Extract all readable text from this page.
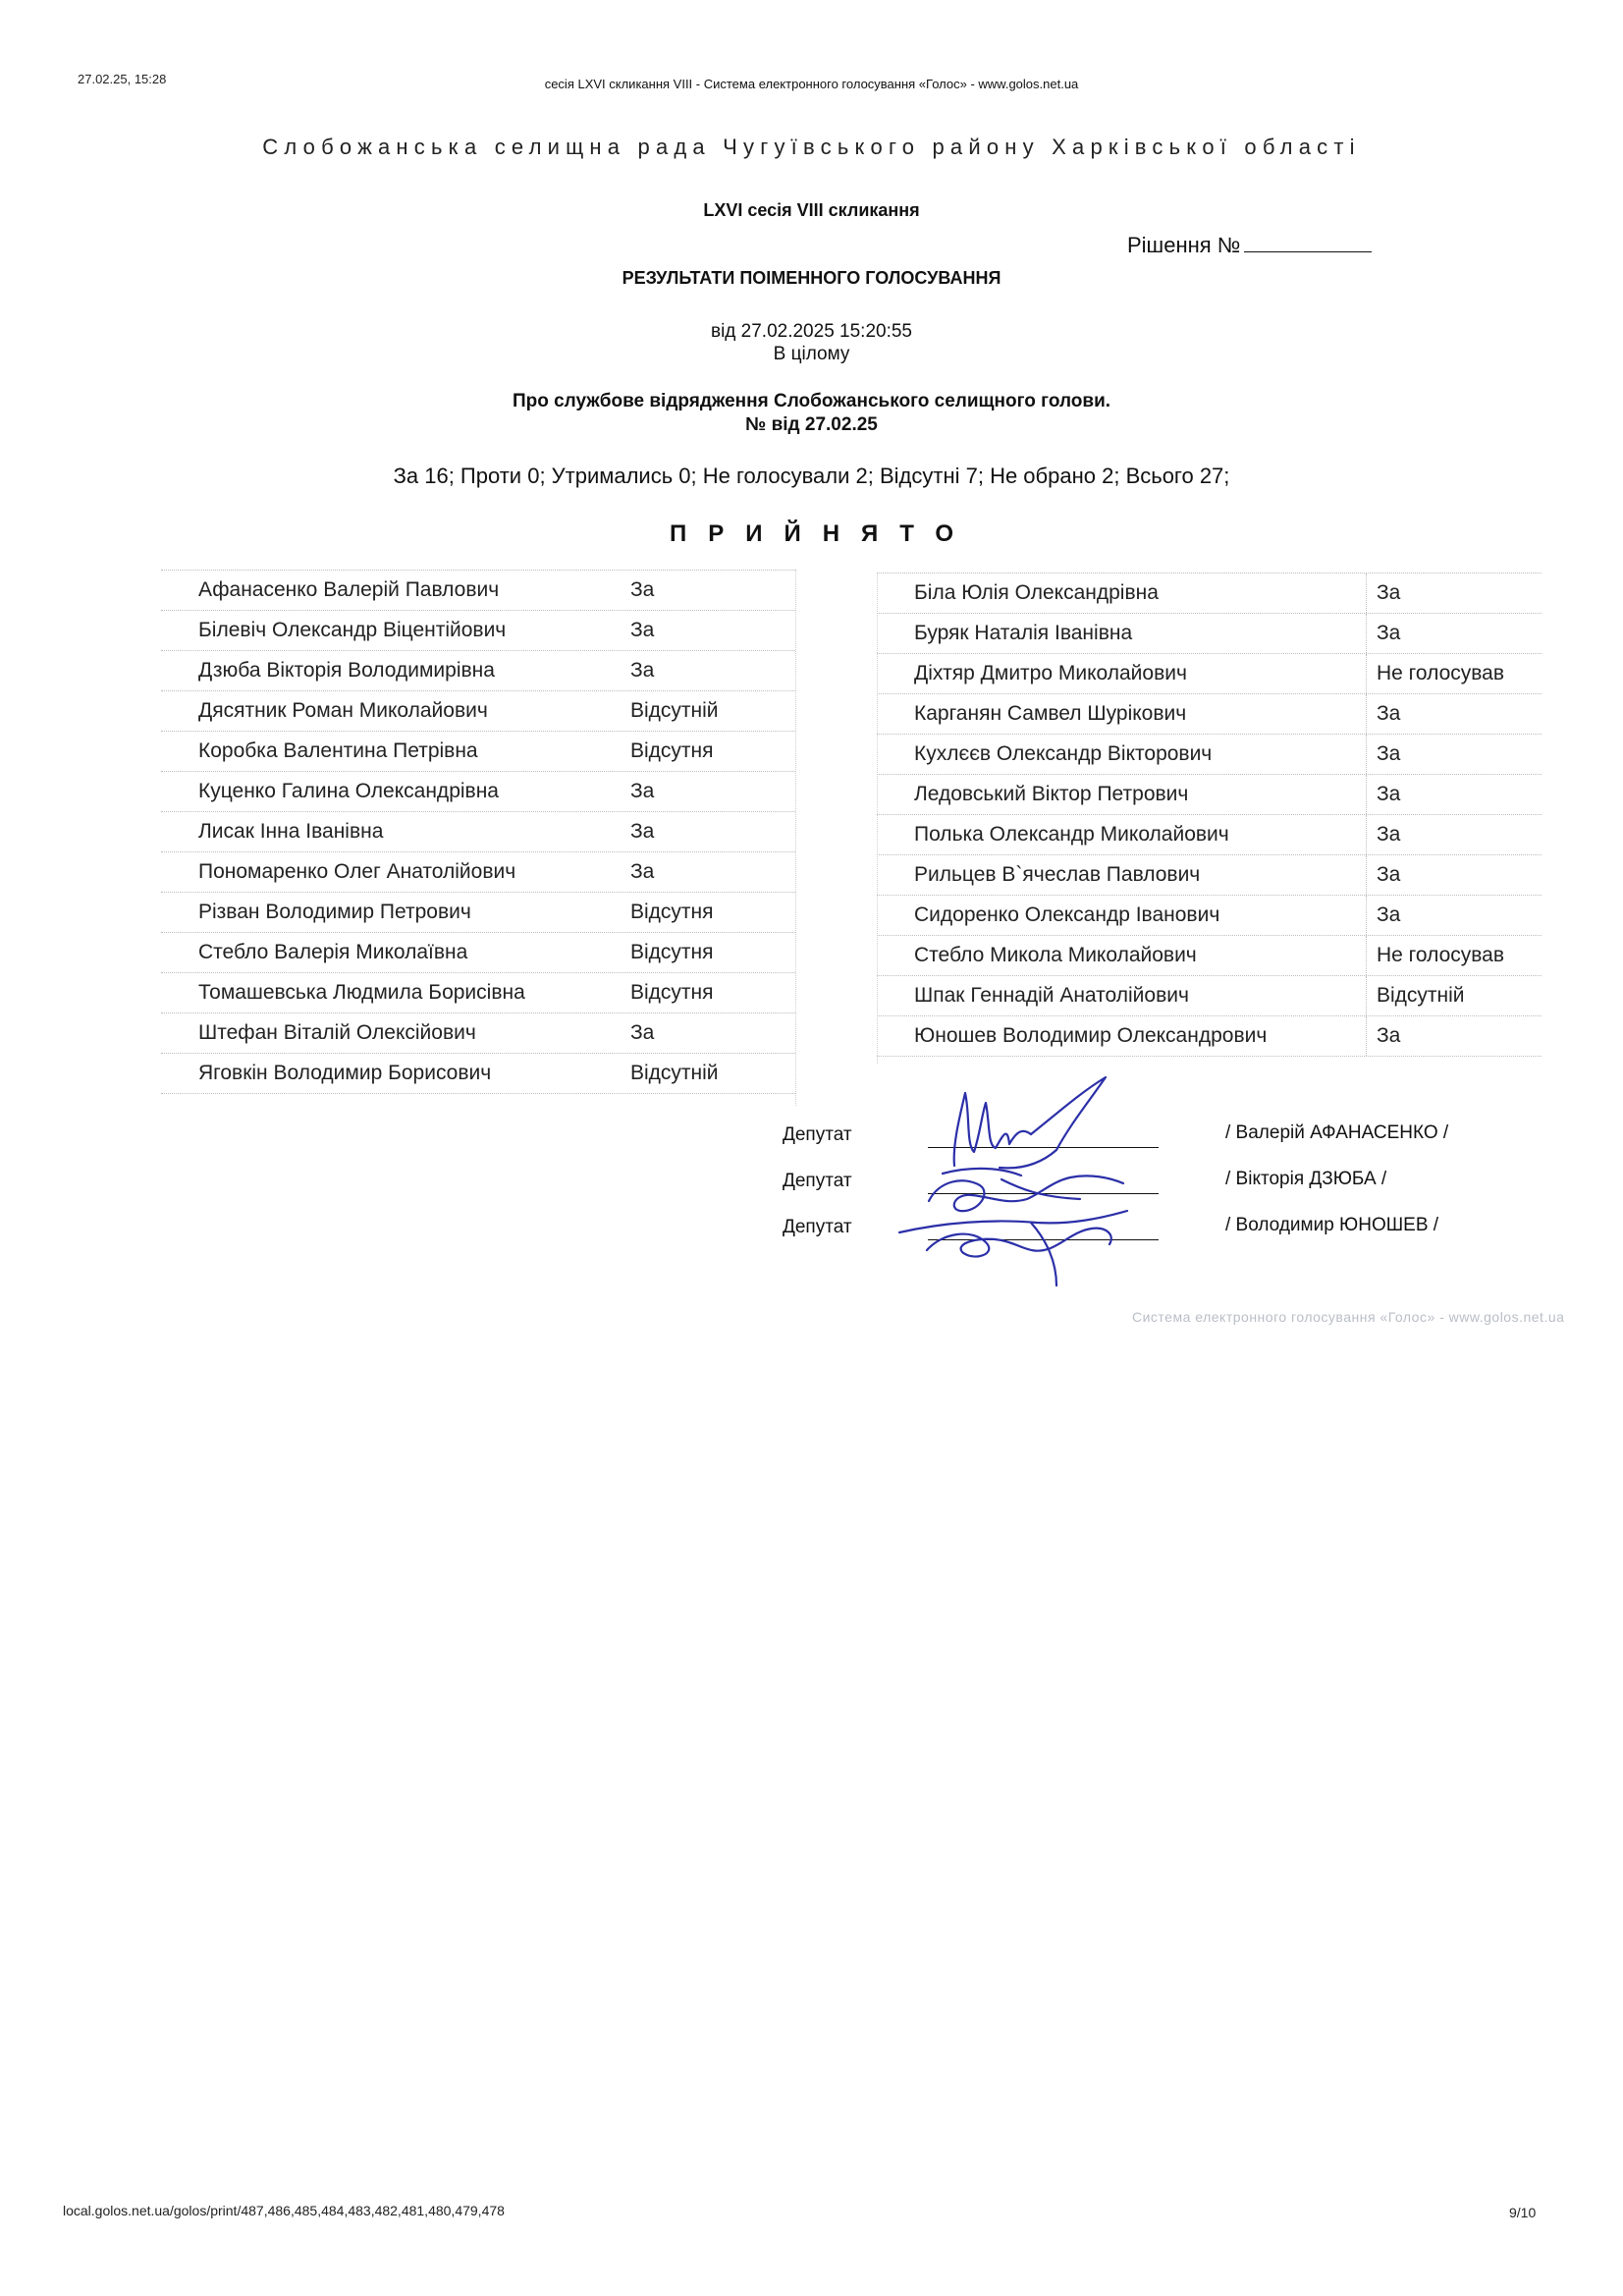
27.02.25, 15:28	сесія LXVI скликання VIII - Система електронного голосування «Голос» - www.golos.net.ua
Слобожанська селищна рада Чугуївського району Харківської області
LXVI сесія VIII скликання
Рішення №
РЕЗУЛЬТАТИ ПОІМЕННОГО ГОЛОСУВАННЯ
від 27.02.2025 15:20:55
В цілому
Про службове відрядження Слобожанського селищного голови.
№ від 27.02.25
За 16; Проти 0; Утримались 0; Не голосували 2; Відсутні 7; Не обрано 2; Всього 27;
ПРИЙНЯТО
Афанасенко Валерій Павлович	За
Білевіч Олександр Віцентійович	За
Дзюба Вікторія Володимирівна	За
Дясятник Роман Миколайович	Відсутній
Коробка Валентина Петрівна	Відсутня
Куценко Галина Олександрівна	За
Лисак Інна Іванівна	За
Пономаренко Олег Анатолійович	За
Різван Володимир Петрович	Відсутня
Стебло Валерія Миколаївна	Відсутня
Томашевська Людмила Борисівна	Відсутня
Штефан Віталій Олексійович	За
Яговкін Володимир Борисович	Відсутній
Біла Юлія Олександрівна	За
Буряк Наталія Іванівна	За
Діхтяр Дмитро Миколайович	Не голосував
Карганян Самвел Шурікович	За
Кухлєєв Олександр Вікторович	За
Ледовський Віктор Петрович	За
Полька Олександр Миколайович	За
Рильцев В`ячеслав Павлович	За
Сидоренко Олександр Іванович	За
Стебло Микола Миколайович	Не голосував
Шпак Геннадій Анатолійович	Відсутній
Юношев Володимир Олександрович	За
Депутат
Депутат
Депутат
/ Валерій АФАНАСЕНКО /
/ Вікторія ДЗЮБА /
/ Володимир ЮНОШЕВ /
Система електронного голосування «Голос» - www.golos.net.ua
local.golos.net.ua/golos/print/487,486,485,484,483,482,481,480,479,478	9/10
